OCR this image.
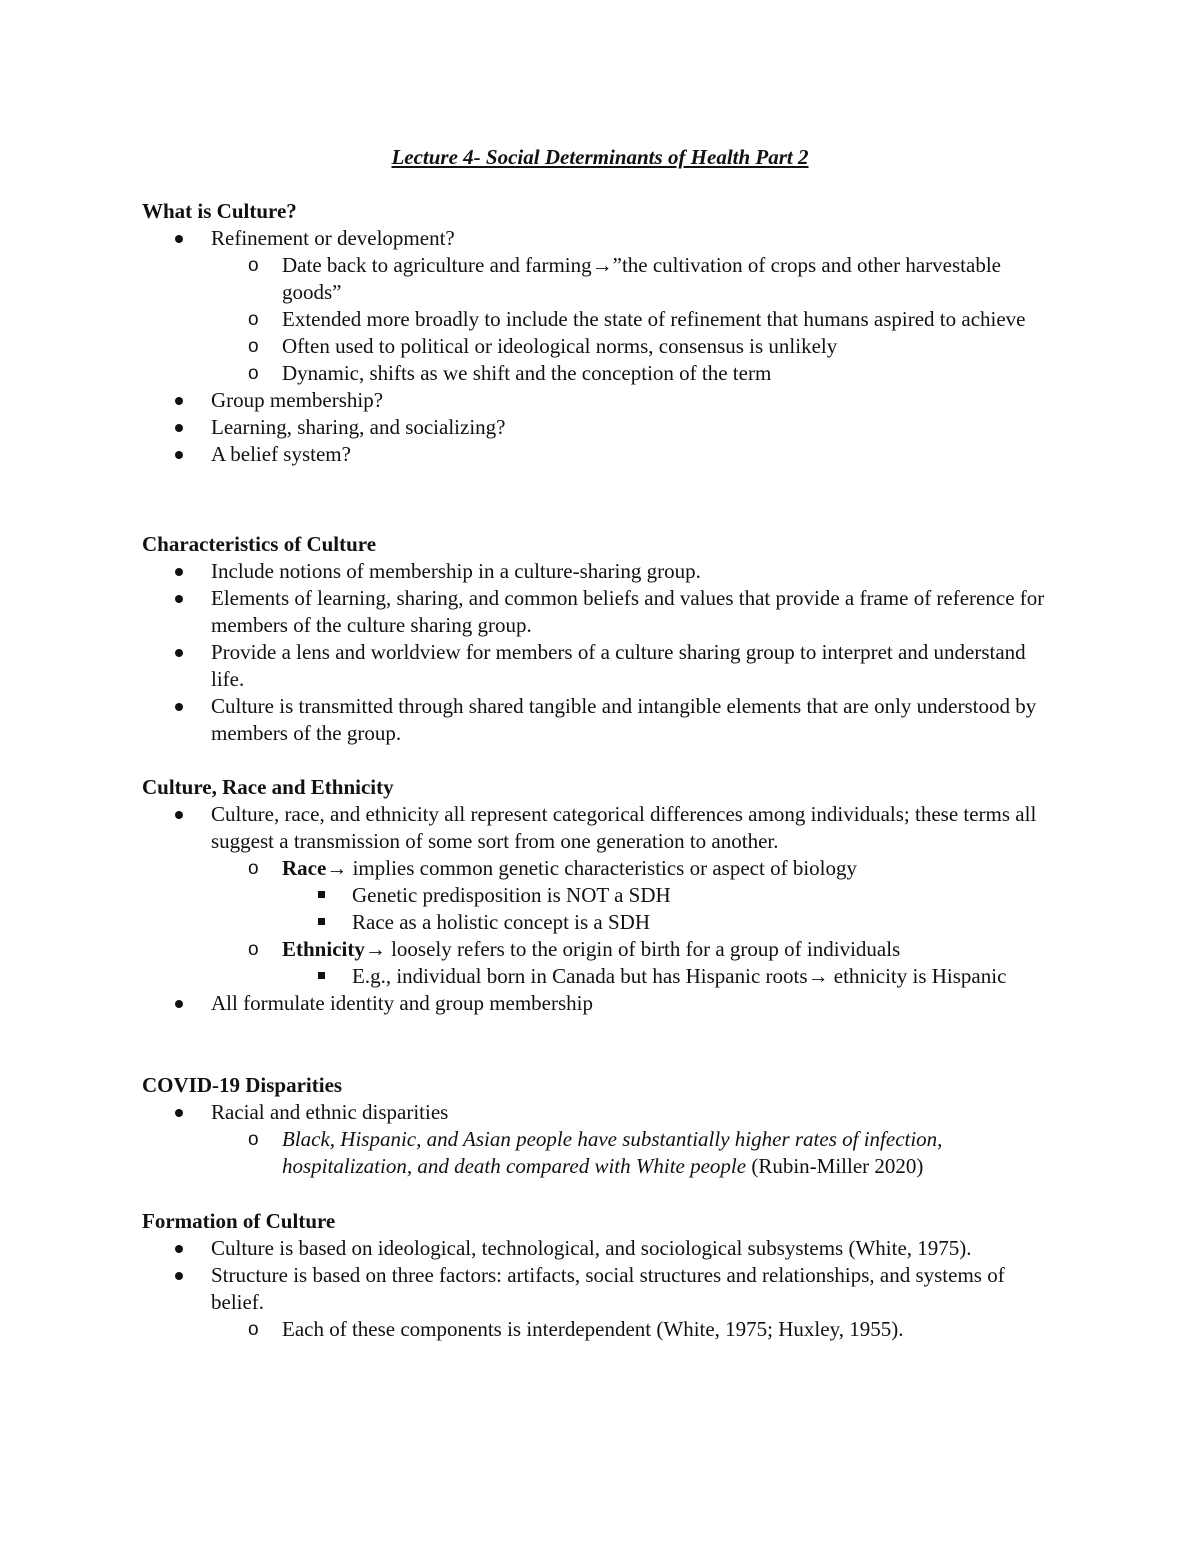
Lecture 4- Social Determinants of Health Part 2
What is Culture?
Refinement or development?
o Date back to agriculture and farming→”the cultivation of crops and other harvestable goods”
o Extended more broadly to include the state of refinement that humans aspired to achieve
o Often used to political or ideological norms, consensus is unlikely
o Dynamic, shifts as we shift and the conception of the term
Group membership?
Learning, sharing, and socializing?
A belief system?
Characteristics of Culture
Include notions of membership in a culture-sharing group.
Elements of learning, sharing, and common beliefs and values that provide a frame of reference for members of the culture sharing group.
Provide a lens and worldview for members of a culture sharing group to interpret and understand life.
Culture is transmitted through shared tangible and intangible elements that are only understood by members of the group.
Culture, Race and Ethnicity
Culture, race, and ethnicity all represent categorical differences among individuals; these terms all suggest a transmission of some sort from one generation to another.
o Race→ implies common genetic characteristics or aspect of biology
Genetic predisposition is NOT a SDH
Race as a holistic concept is a SDH
o Ethnicity→ loosely refers to the origin of birth for a group of individuals
E.g., individual born in Canada but has Hispanic roots→ ethnicity is Hispanic
All formulate identity and group membership
COVID-19 Disparities
Racial and ethnic disparities
o Black, Hispanic, and Asian people have substantially higher rates of infection, hospitalization, and death compared with White people (Rubin-Miller 2020)
Formation of Culture
Culture is based on ideological, technological, and sociological subsystems (White, 1975).
Structure is based on three factors: artifacts, social structures and relationships, and systems of belief.
o Each of these components is interdependent (White, 1975; Huxley, 1955).
